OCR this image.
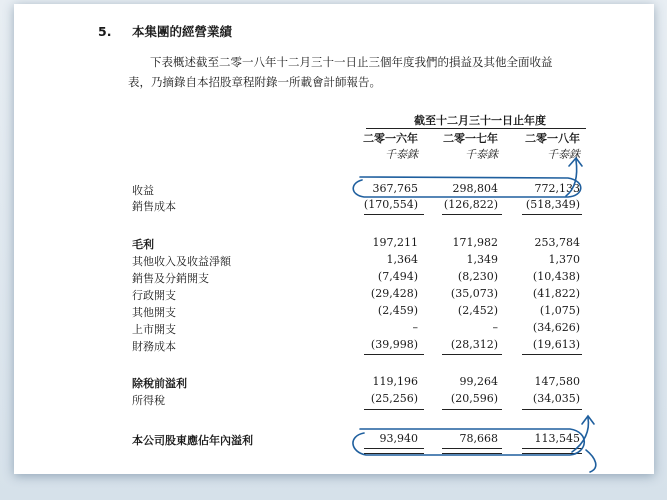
5. 本集團的經營業績
下表概述截至二零一八年十二月三十一日止三個年度我們的損益及其他全面收益
表，乃摘錄自本招股章程附錄一所載會計師報告。
截至十二月三十一日止年度
二零一六年	二零一七年	二零一八年
千泰銖	千泰銖	千泰銖
收益	367,765	298,804	772,133
銷售成本	(170,554)	(126,822)	(518,349)
毛利	197,211	171,982	253,784
其他收入及收益淨額	1,364	1,349	1,370
銷售及分銷開支	(7,494)	(8,230)	(10,438)
行政開支	(29,428)	(35,073)	(41,822)
其他開支	(2,459)	(2,452)	(1,075)
上市開支	–	–	(34,626)
財務成本	(39,998)	(28,312)	(19,613)
除稅前溢利	119,196	99,264	147,580
所得稅	(25,256)	(20,596)	(34,035)
本公司股東應佔年內溢利	93,940	78,668	113,545
